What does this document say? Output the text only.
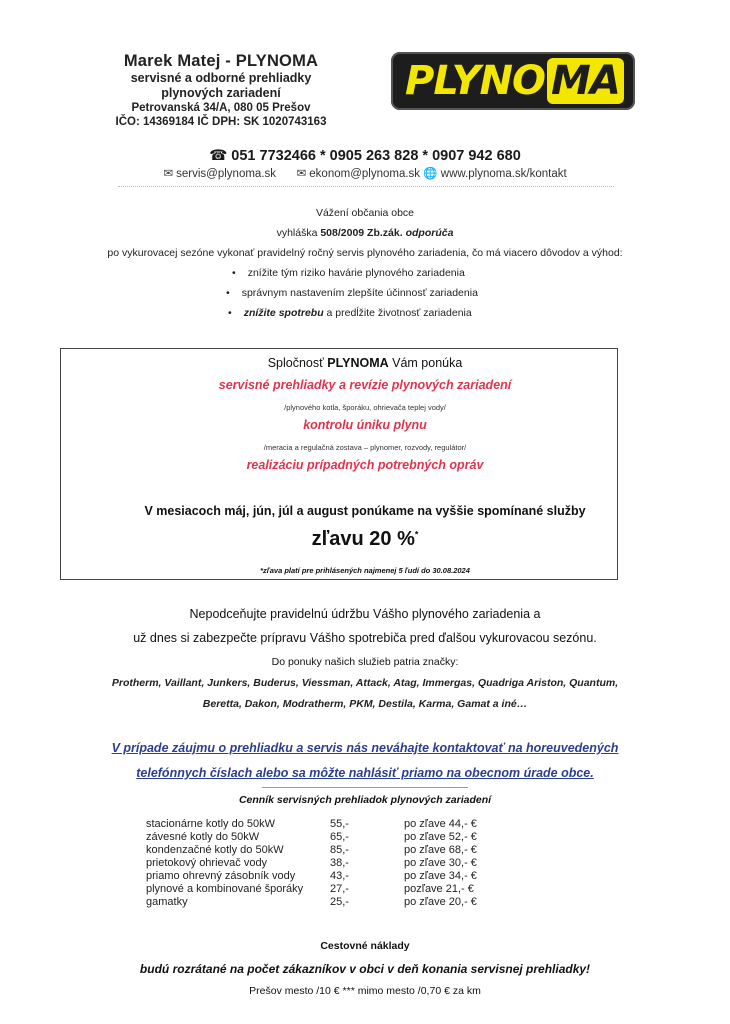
Marek Matej - PLYNOMA
servisné a odborné prehliadky
plynových zariadení
Petrovanská 34/A, 080 05 Prešov
IČO: 14369184 IČ DPH: SK 1020743163
PLYNO MA
☎ 051 7732466 * 0905 263 828 * 0907 942 680
✉ servis@plynoma.sk ✉ ekonom@plynoma.sk 🌐 www.plynoma.sk/kontakt
Vážení občania obce
vyhláška 508/2009 Zb.zák. odporúča
po vykurovacej sezóne vykonať pravidelný ročný servis plynového zariadenia, čo má viacero dôvodov a výhod:
• znížite tým riziko havárie plynového zariadenia
• správnym nastavením zlepšíte účinnosť zariadenia
• znížite spotrebu a predĺžite životnosť zariadenia
Spločnosť PLYNOMA Vám ponúka
servisné prehliadky a revízie plynových zariadení
/plynového kotla, šporáku, ohrievača teplej vody/
kontrolu úniku plynu
/meracia a regulačná zostava – plynomer, rozvody, regulátor/
realizáciu prípadných potrebných opráv
V mesiacoch máj, jún, júl a august ponúkame na vyššie spomínané služby
zľavu 20 %*
*zľava platí pre prihlásených najmenej 5 ľudí do 30.08.2024
Nepodceňujte pravidelnú údržbu Vášho plynového zariadenia a
už dnes si zabezpečte prípravu Vášho spotrebiča pred ďalšou vykurovacou sezónu.
Do ponuky našich služieb patria značky:
Protherm, Vaillant, Junkers, Buderus, Viessman, Attack, Atag, Immergas, Quadriga Ariston, Quantum,
Beretta, Dakon, Modratherm, PKM, Destila, Karma, Gamat a iné…
V prípade záujmu o prehliadku a servis nás neváhajte kontaktovať na horeuvedených
telefónnych číslach alebo sa môžte nahlásiť priamo na obecnom úrade obce.
Cenník servisných prehliadok plynových zariadení
stacionárne kotly do 50kW	55,-	po zľave 44,- €
závesné kotly do 50kW	65,-	po zľave 52,- €
kondenzačné kotly do 50kW	85,-	po zľave 68,- €
prietokový ohrievač vody	38,-	po zľave 30,- €
priamo ohrevný zásobník vody	43,-	po zľave 34,- €
plynové a kombinované šporáky	27,-	pozľave 21,- €
gamatky	25,-	po zľave 20,- €
Cestovné náklady
budú rozrátané na počet zákazníkov v obci v deň konania servisnej prehliadky!
Prešov mesto /10 € *** mimo mesto /0,70 € za km
